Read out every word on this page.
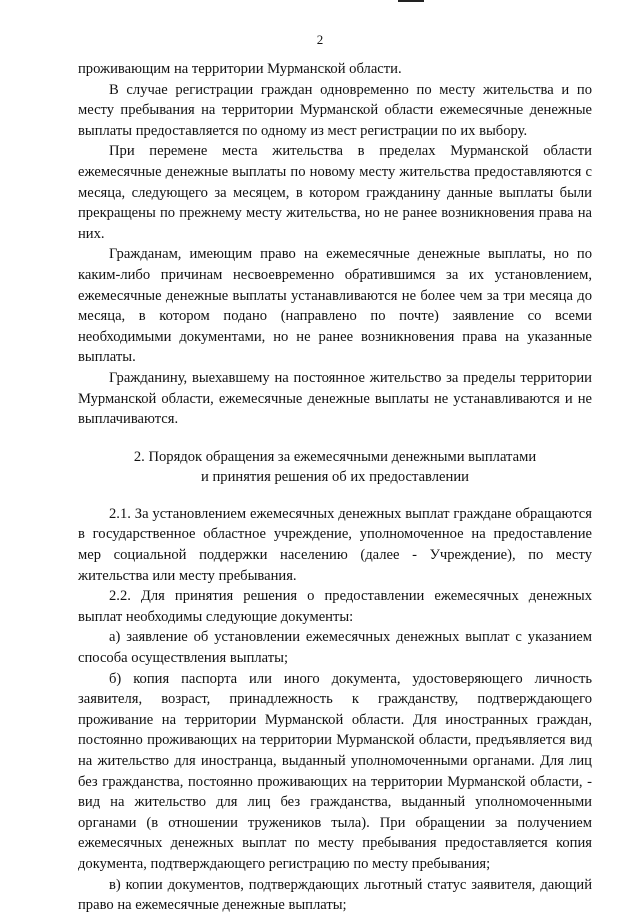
2

проживающим на территории Мурманской области.

В случае регистрации граждан одновременно по месту жительства и по месту пребывания на территории Мурманской области ежемесячные денежные выплаты предоставляется по одному из мест регистрации по их выбору.

При перемене места жительства в пределах Мурманской области ежемесячные денежные выплаты по новому месту жительства предоставляются с месяца, следующего за месяцем, в котором гражданину данные выплаты были прекращены по прежнему месту жительства, но не ранее возникновения права на них.

Гражданам, имеющим право на ежемесячные денежные выплаты, но по каким-либо причинам несвоевременно обратившимся за их установлением, ежемесячные денежные выплаты устанавливаются не более чем за три месяца до месяца, в котором подано (направлено по почте) заявление со всеми необходимыми документами, но не ранее возникновения права на указанные выплаты.

Гражданину, выехавшему на постоянное жительство за пределы территории Мурманской области, ежемесячные денежные выплаты не устанавливаются и не выплачиваются.

2. Порядок обращения за ежемесячными денежными выплатами
и принятия решения об их предоставлении

2.1. За установлением ежемесячных денежных выплат граждане обращаются в государственное областное учреждение, уполномоченное на предоставление мер социальной поддержки населению (далее - Учреждение), по месту жительства или месту пребывания.

2.2. Для принятия решения о предоставлении ежемесячных денежных выплат необходимы следующие документы:

а) заявление об установлении ежемесячных денежных выплат с указанием способа осуществления выплаты;

б) копия паспорта или иного документа, удостоверяющего личность заявителя, возраст, принадлежность к гражданству, подтверждающего проживание на территории Мурманской области. Для иностранных граждан, постоянно проживающих на территории Мурманской области, предъявляется вид на жительство для иностранца, выданный уполномоченными органами. Для лиц без гражданства, постоянно проживающих на территории Мурманской области, - вид на жительство для лиц без гражданства, выданный уполномоченными органами (в отношении тружеников тыла). При обращении за получением ежемесячных денежных выплат по месту пребывания предоставляется копия документа, подтверждающего регистрацию по месту пребывания;

в) копии документов, подтверждающих льготный статус заявителя, дающий право на ежемесячные денежные выплаты;
